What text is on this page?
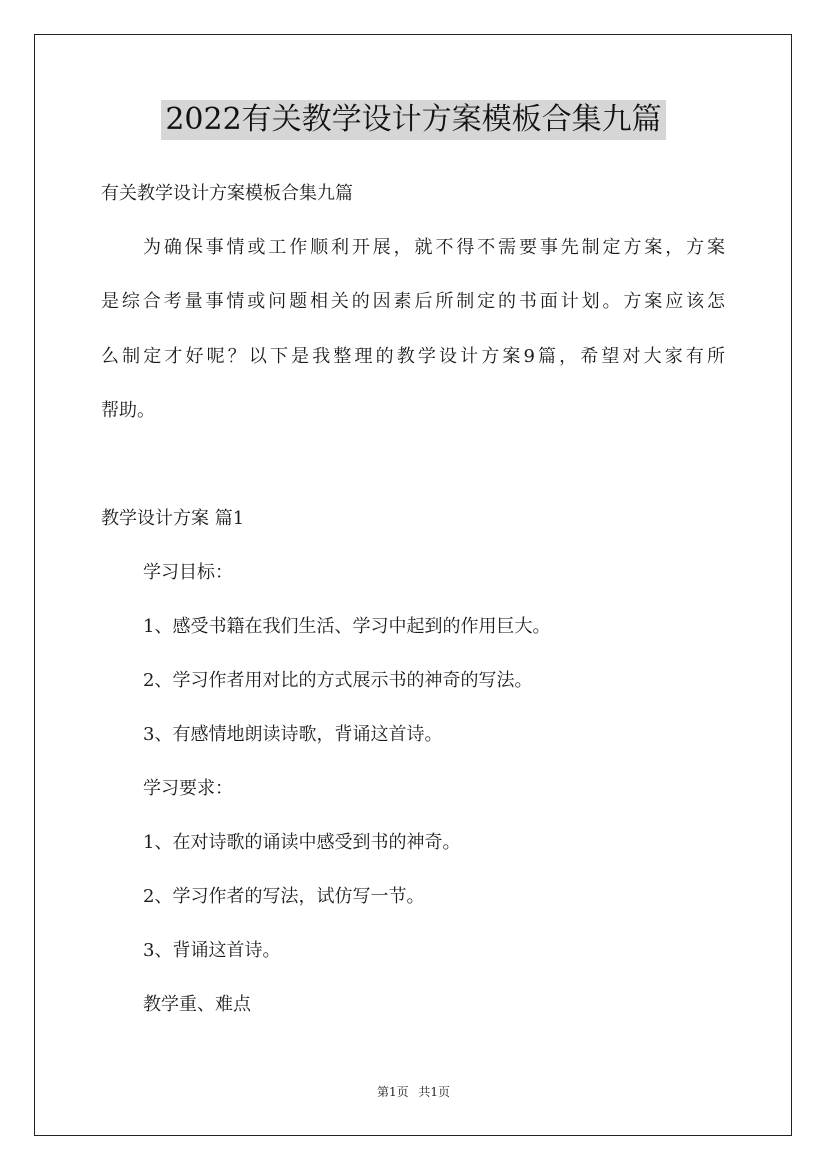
2022有关教学设计方案模板合集九篇
有关教学设计方案模板合集九篇
为确保事情或工作顺利开展，就不得不需要事先制定方案，方案
是综合考量事情或问题相关的因素后所制定的书面计划。方案应该怎
么制定才好呢？以下是我整理的教学设计方案9篇，希望对大家有所
帮助。
教学设计方案 篇1
学习目标：
1、感受书籍在我们生活、学习中起到的作用巨大。
2、学习作者用对比的方式展示书的神奇的写法。
3、有感情地朗读诗歌，背诵这首诗。
学习要求：
1、在对诗歌的诵读中感受到书的神奇。
2、学习作者的写法，试仿写一节。
3、背诵这首诗。
教学重、难点
第1页 共1页
